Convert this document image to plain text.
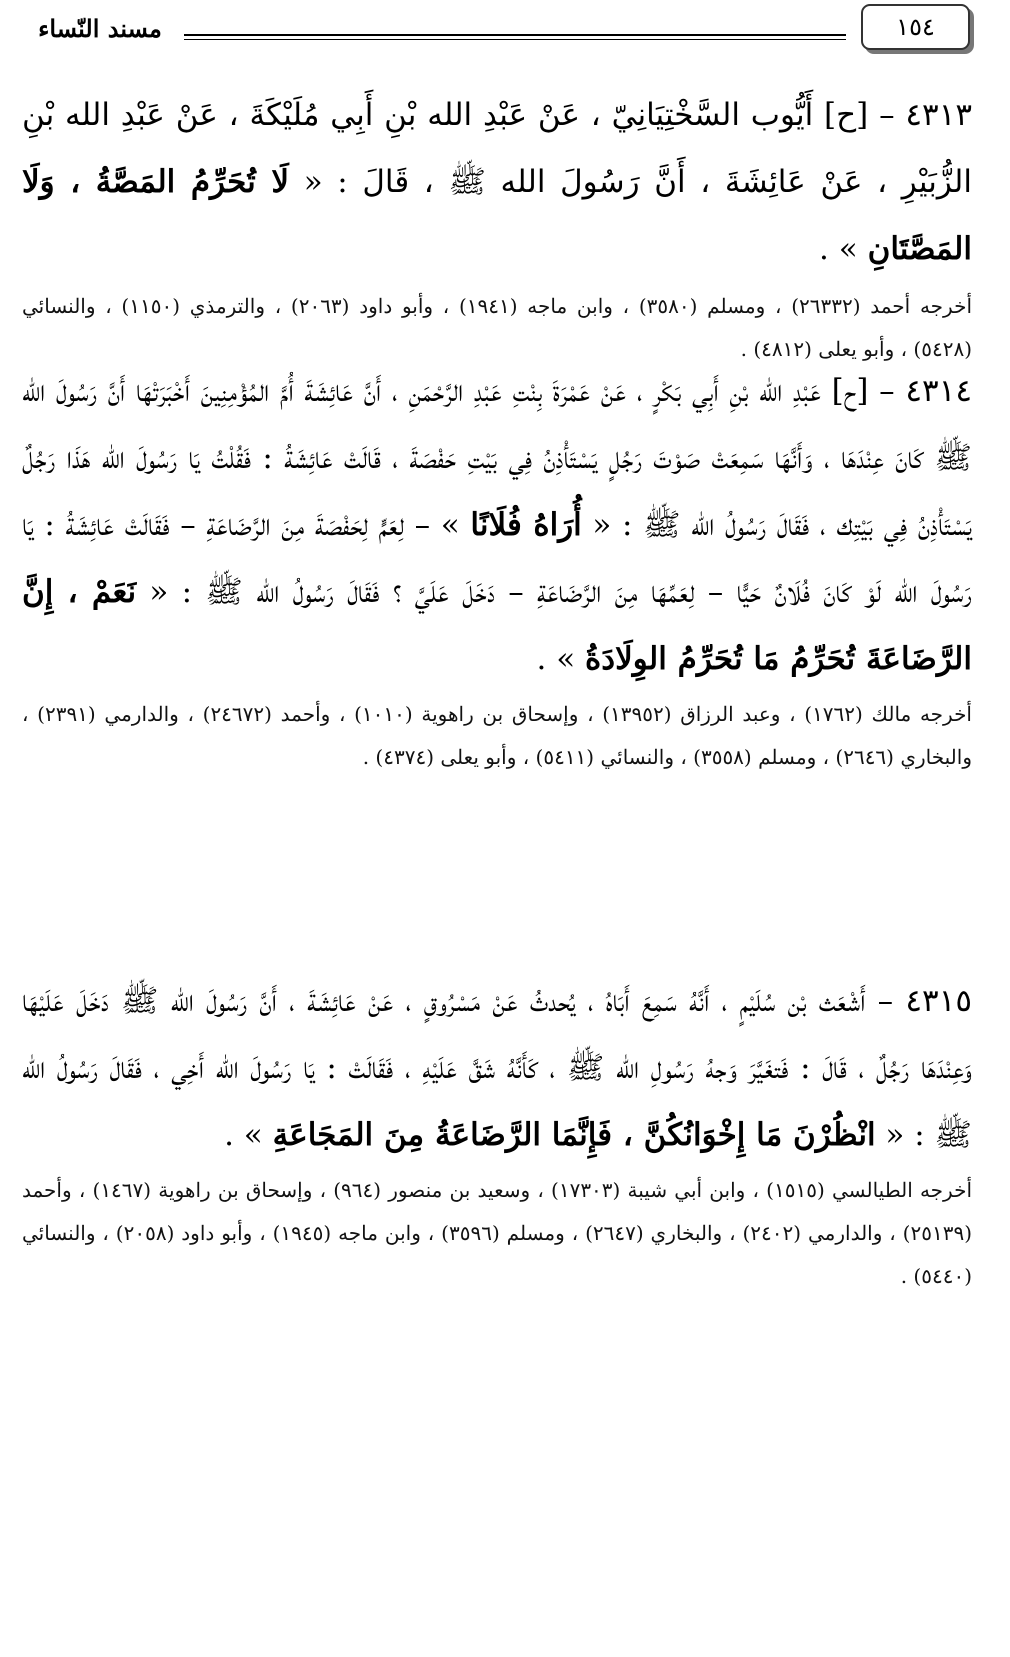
١٥٤
مسند النّساء

٤٣١٣ – [ح] أَيُّوب السَّخْتِيَانِيّ ، عَنْ عَبْدِ الله بْنِ أَبِي مُلَيْكَةَ ، عَنْ عَبْدِ الله بْنِ الزُّبَيْرِ ، عَنْ عَائِشَةَ ، أَنَّ رَسُولَ الله ﷺ ، قَالَ : « لَا تُحَرِّمُ المَصَّةُ ، وَلَا المَصَّتَانِ » .

أخرجه أحمد (٢٦٣٣٢) ، ومسلم (٣٥٨٠) ، وابن ماجه (١٩٤١) ، وأبو داود (٢٠٦٣) ، والترمذي (١١٥٠) ، والنسائي (٥٤٢٨) ، وأبو يعلى (٤٨١٢) .

٤٣١٤ – [ح] عَبْدِ الله بْنِ أَبِي بَكْرٍ ، عَنْ عَمْرَةَ بِنْتِ عَبْدِ الرَّحْمَنِ ، أَنَّ عَائِشَةَ أُمَّ المُؤْمِنِينَ أَخْبَرَتْهَا أَنَّ رَسُولَ الله ﷺ كَانَ عِنْدَهَا ، وَأَنَّهَا سَمِعَتْ صَوْتَ رَجُلٍ يَسْتَأْذِنُ فِي بَيْتِ حَفْصَةَ ، قَالَتْ عَائِشَةُ : فَقُلْتُ يَا رَسُولَ الله هَذَا رَجُلٌ يَسْتَأْذِنُ فِي بَيْتِك ، فَقَالَ رَسُولُ الله ﷺ : « أُرَاهُ فُلَانًا » – لِعَمٍّ لِحَفْصَةَ مِنَ الرَّضَاعَةِ – فَقَالَتْ عَائِشَةُ : يَا رَسُولَ الله لَوْ كَانَ فُلَانٌ حَيًّا – لِعَمِّهَا مِنَ الرَّضَاعَةِ – دَخَلَ عَلَيَّ ؟ فَقَالَ رَسُولُ الله ﷺ : « نَعَمْ ، إِنَّ الرَّضَاعَةَ تُحَرِّمُ مَا تُحَرِّمُ الوِلَادَةُ » .

أخرجه مالك (١٧٦٢) ، وعبد الرزاق (١٣٩٥٢) ، وإسحاق بن راهوية (١٠١٠) ، وأحمد (٢٤٦٧٢) ، والدارمي (٢٣٩١) ، والبخاري (٢٦٤٦) ، ومسلم (٣٥٥٨) ، والنسائي (٥٤١١) ، وأبو يعلى (٤٣٧٤) .

٤٣١٥ – أَشْعَث بْن سُلَيْمٍ ، أَنَّهُ سَمِعَ أَبَاهُ ، يُحدثُ عَنْ مَسْرُوقٍ ، عَنْ عَائِشَةَ ، أَنَّ رَسُولَ الله ﷺ دَخَلَ عَلَيْهَا وَعِنْدَهَا رَجُلٌ ، قَالَ : فَتغَيَّرَ وَجهُ رَسُولِ الله ﷺ ، كَأَنَّهُ شَقَّ عَلَيْهِ ، فَقَالَتْ : يَا رَسُولَ الله أَخِي ، فَقَالَ رَسُولُ الله ﷺ : « انْظُرْنَ مَا إِخْوَانُكُنَّ ، فَإِنَّمَا الرَّضَاعَةُ مِنَ المَجَاعَةِ » .

أخرجه الطيالسي (١٥١٥) ، وابن أبي شيبة (١٧٣٠٣) ، وسعيد بن منصور (٩٦٤) ، وإسحاق بن راهوية (١٤٦٧) ، وأحمد (٢٥١٣٩) ، والدارمي (٢٤٠٢) ، والبخاري (٢٦٤٧) ، ومسلم (٣٥٩٦) ، وابن ماجه (١٩٤٥) ، وأبو داود (٢٠٥٨) ، والنسائي (٥٤٤٠) .
